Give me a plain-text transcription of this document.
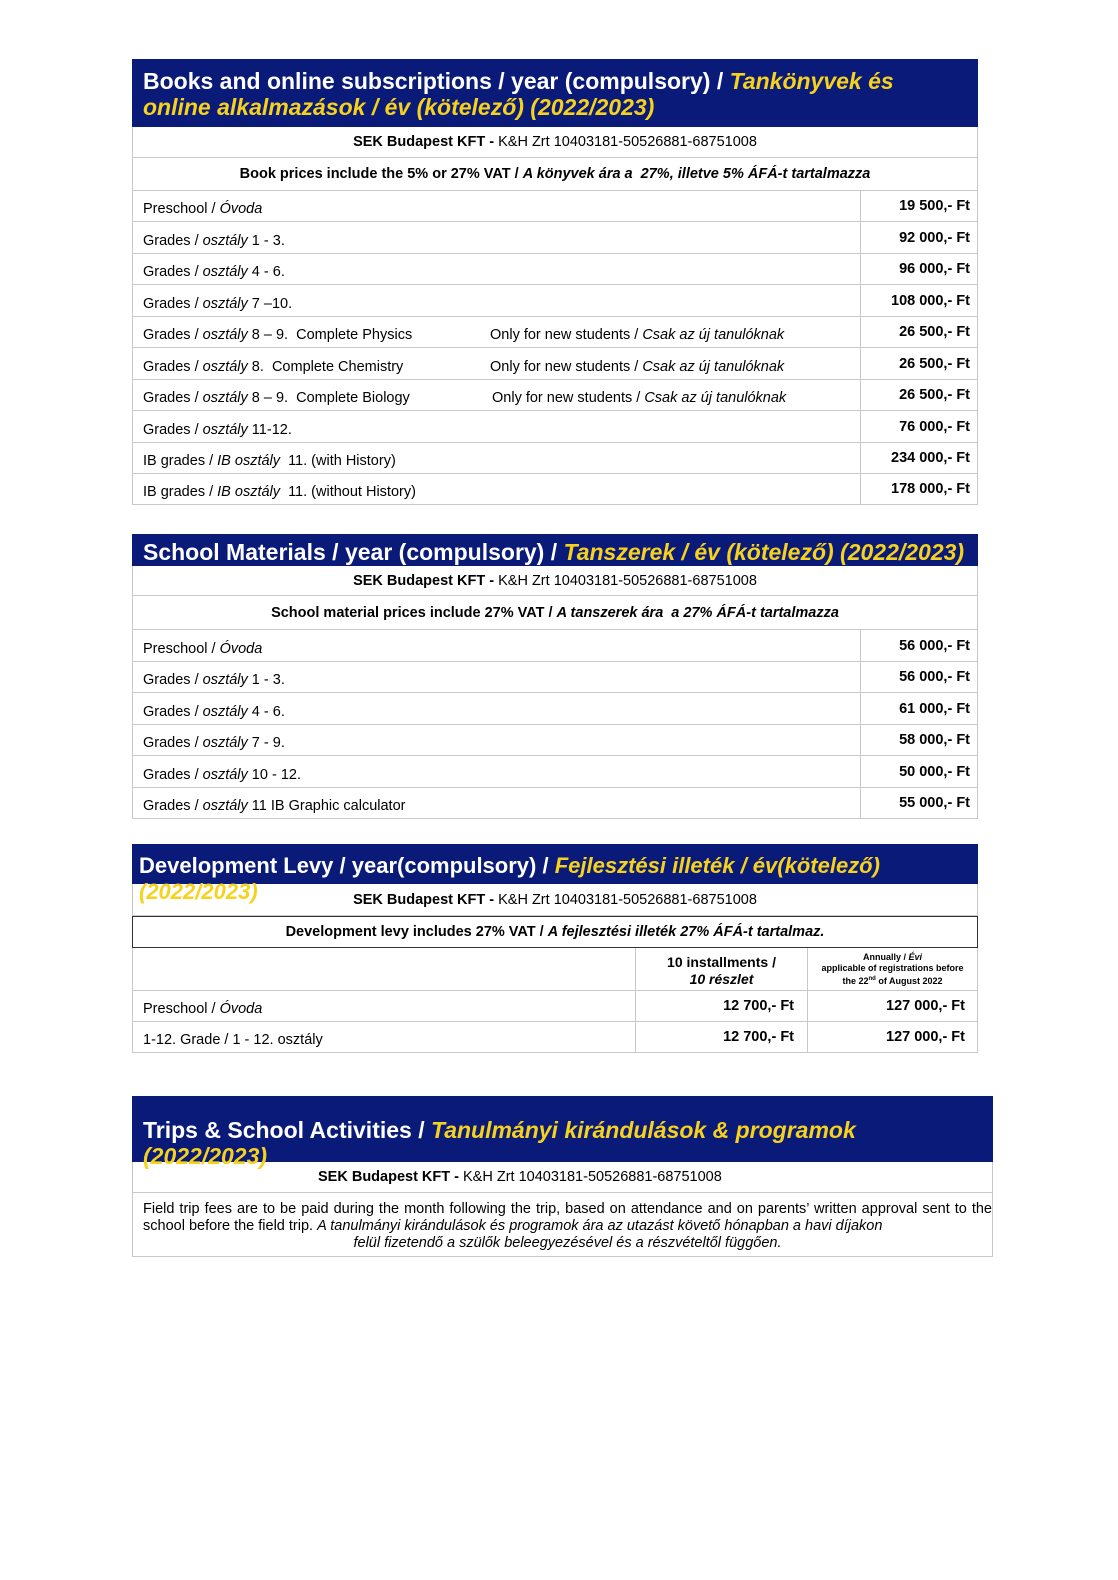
Books and online subscriptions / year (compulsory) / Tankönyvek és
online alkalmazások / év (kötelező) (2022/2023)
SEK Budapest KFT - K&H Zrt 10403181-50526881-68751008
Book prices include the 5% or 27% VAT /
A könyvek ára a  27%, illetve 5% ÁFÁ-t tartalmazza
Preschool / Óvoda	19 500,- Ft
Grades / osztály 1 - 3.	92 000,- Ft
Grades / osztály 4 - 6.	96 000,- Ft
Grades / osztály 7 –10.	108 000,- Ft
Grades / osztály 8 – 9.  Complete Physics	Only for new students / Csak az új tanulóknak	26 500,- Ft
Grades / osztály 8.  Complete Chemistry	Only for new students / Csak az új tanulóknak	26 500,- Ft
Grades / osztály 8 – 9.  Complete Biology	Only for new students / Csak az új tanulóknak	26 500,- Ft
Grades / osztály 11-12.	76 000,- Ft
IB grades / IB osztály 11. (with History)	234 000,- Ft
IB grades / IB osztály 11. (without History)	178 000,- Ft
School Materials / year (compulsory) / Tanszerek / év (kötelező) (2022/2023)
SEK Budapest KFT - K&H Zrt 10403181-50526881-68751008
School material prices include 27% VAT /
A tanszerek ára  a 27% ÁFÁ-t tartalmazza
Preschool / Óvoda	56 000,- Ft
Grades / osztály 1 - 3.	56 000,- Ft
Grades / osztály 4 - 6.	61 000,- Ft
Grades / osztály 7 - 9.	58 000,- Ft
Grades / osztály 10 - 12.	50 000,- Ft
Grades / osztály 11 IB Graphic calculator	55 000,- Ft
Development Levy / year(compulsory) / Fejlesztési illeték / év(kötelező) (2022/2023)	SEK Budapest KFT - K&H Zrt 10403181-50526881-68751008
Development levy includes 27% VAT /
A fejlesztési illeték 27% ÁFÁ-t tartalmaz.
10 installments /
10 részlet
Annually / Évi
applicable of registrations before
the 22nd of August 2022
Preschool / Óvoda	12 700,- Ft	127 000,- Ft
1-12. Grade / 1 - 12. osztály	12 700,- Ft	127 000,- Ft
Trips & School Activities / Tanulmányi kirándulások & programok (2022/2023)
SEK Budapest KFT - K&H Zrt 10403181-50526881-68751008
Field trip fees are to be paid during the month following the trip, based on attendance and on parents’ written approval sent to the school before the field trip. A tanulmányi kirándulások és programok ára az utazást követő hónapban a havi díjakon
felül fizetendő a szülők beleegyezésével és a részvételtől függően.
